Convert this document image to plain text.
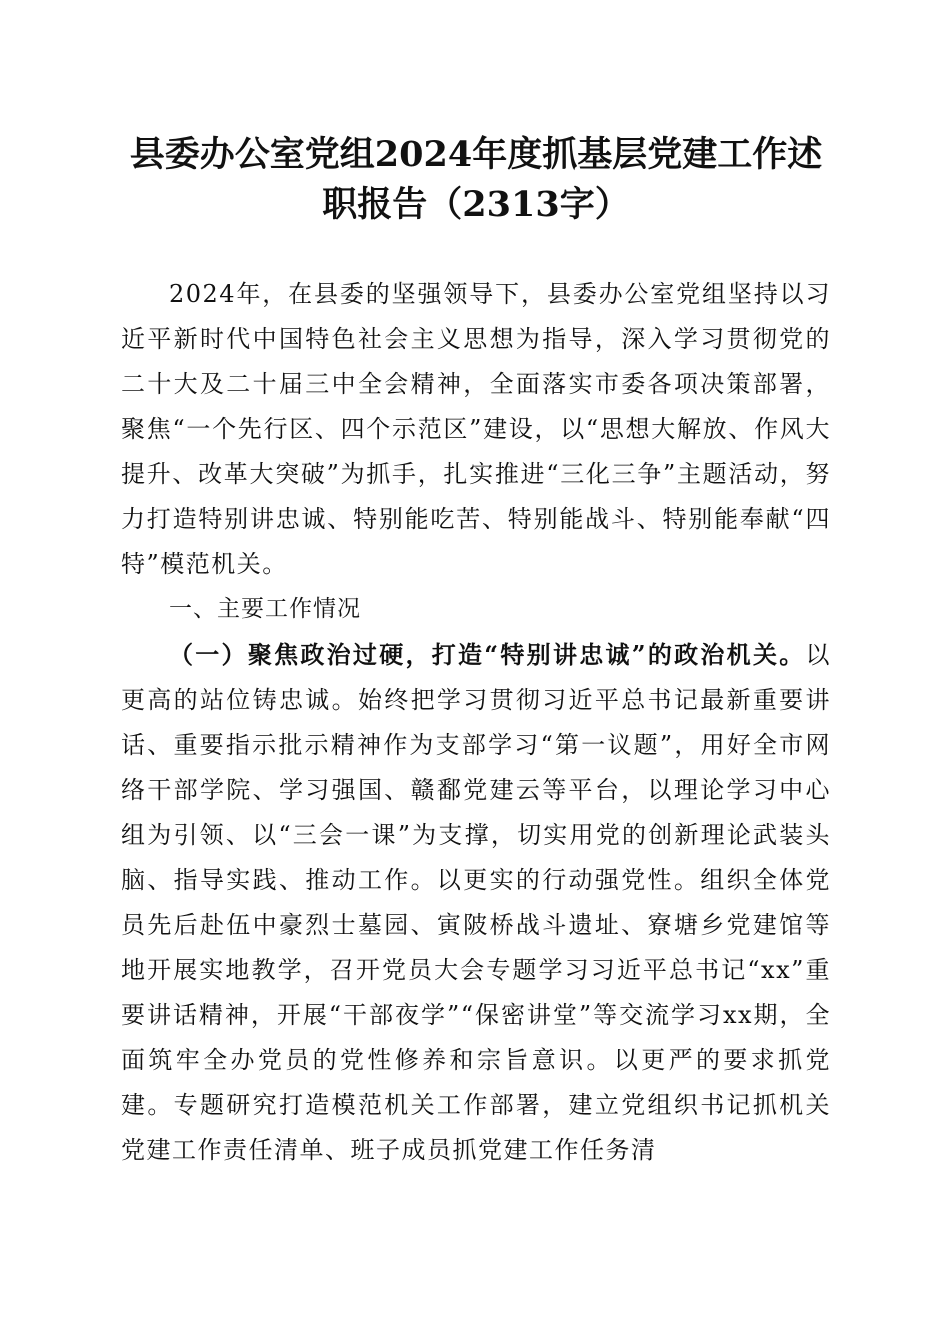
县委办公室党组2024年度抓基层党建工作述
职报告（2313字）

2024年，在县委的坚强领导下，县委办公室党组坚持以习近平新时代中国特色社会主义思想为指导，深入学习贯彻党的二十大及二十届三中全会精神，全面落实市委各项决策部署，聚焦“一个先行区、四个示范区”建设，以“思想大解放、作风大提升、改革大突破”为抓手，扎实推进“三化三争”主题活动，努力打造特别讲忠诚、特别能吃苦、特别能战斗、特别能奉献“四特”模范机关。

一、主要工作情况

（一）聚焦政治过硬，打造“特别讲忠诚”的政治机关。以更高的站位铸忠诚。始终把学习贯彻习近平总书记最新重要讲话、重要指示批示精神作为支部学习“第一议题”，用好全市网络干部学院、学习强国、赣鄱党建云等平台，以理论学习中心组为引领、以“三会一课”为支撑，切实用党的创新理论武装头脑、指导实践、推动工作。以更实的行动强党性。组织全体党员先后赴伍中豪烈士墓园、寅陂桥战斗遗址、寮塘乡党建馆等地开展实地教学，召开党员大会专题学习习近平总书记“xx”重要讲话精神，开展“干部夜学”“保密讲堂”等交流学习xx期，全面筑牢全办党员的党性修养和宗旨意识。以更严的要求抓党建。专题研究打造模范机关工作部署，建立党组织书记抓机关党建工作责任清单、班子成员抓党建工作任务清
